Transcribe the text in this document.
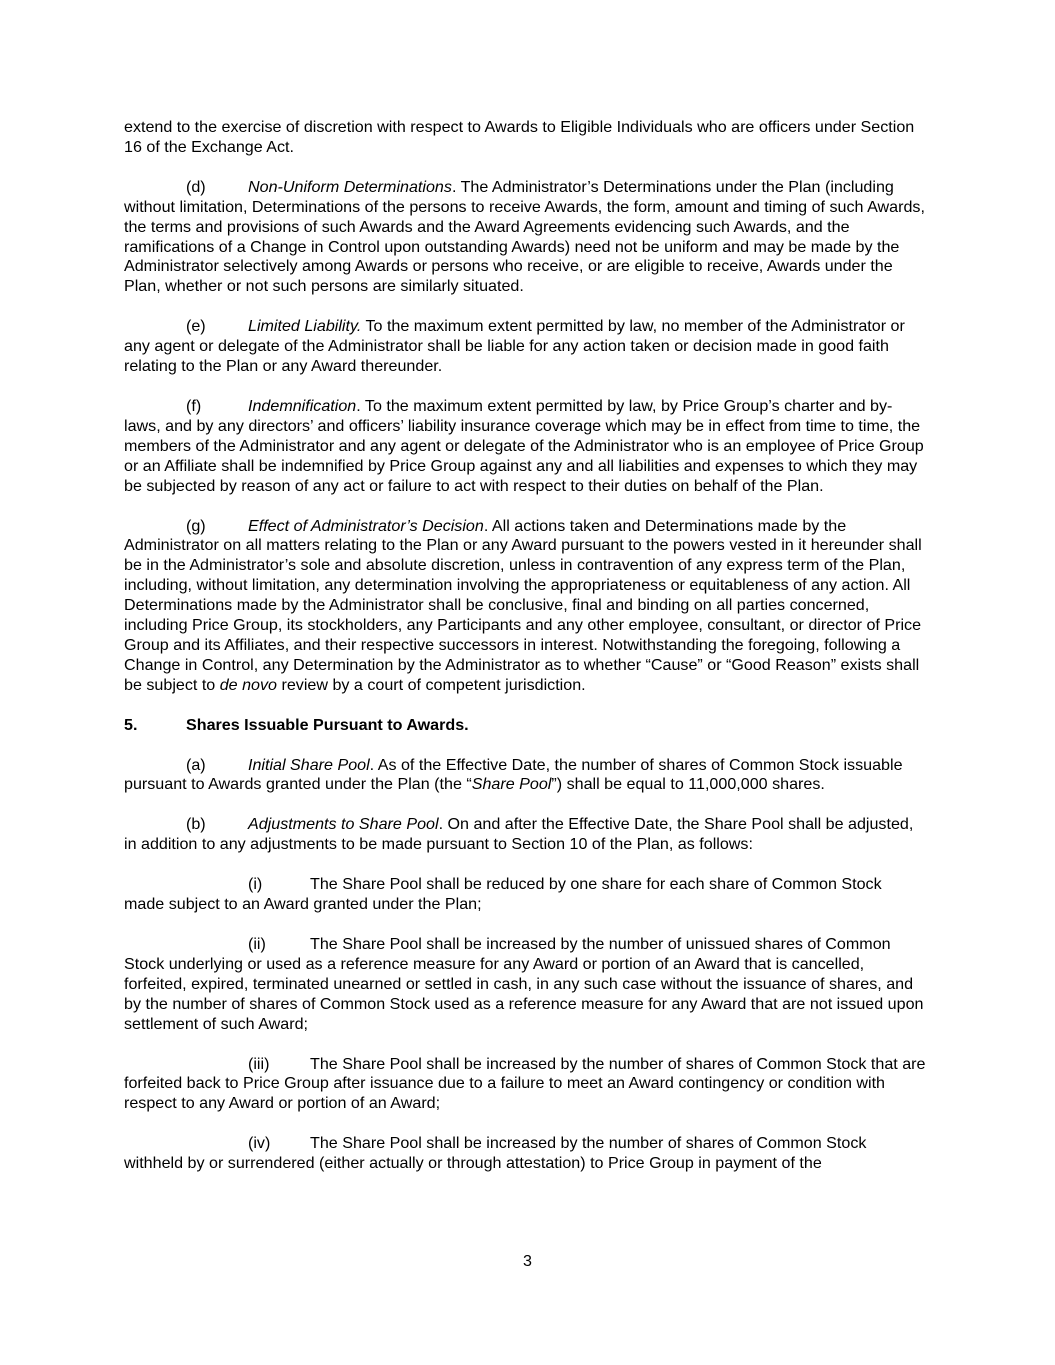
extend to the exercise of discretion with respect to Awards to Eligible Individuals who are officers under Section 16 of the Exchange Act.

(d)	Non-Uniform Determinations. The Administrator’s Determinations under the Plan (including without limitation, Determinations of the persons to receive Awards, the form, amount and timing of such Awards, the terms and provisions of such Awards and the Award Agreements evidencing such Awards, and the ramifications of a Change in Control upon outstanding Awards) need not be uniform and may be made by the Administrator selectively among Awards or persons who receive, or are eligible to receive, Awards under the Plan, whether or not such persons are similarly situated.

(e)	Limited Liability. To the maximum extent permitted by law, no member of the Administrator or any agent or delegate of the Administrator shall be liable for any action taken or decision made in good faith relating to the Plan or any Award thereunder.

(f)	Indemnification. To the maximum extent permitted by law, by Price Group’s charter and by-laws, and by any directors’ and officers’ liability insurance coverage which may be in effect from time to time, the members of the Administrator and any agent or delegate of the Administrator who is an employee of Price Group or an Affiliate shall be indemnified by Price Group against any and all liabilities and expenses to which they may be subjected by reason of any act or failure to act with respect to their duties on behalf of the Plan.

(g)	Effect of Administrator’s Decision. All actions taken and Determinations made by the Administrator on all matters relating to the Plan or any Award pursuant to the powers vested in it hereunder shall be in the Administrator’s sole and absolute discretion, unless in contravention of any express term of the Plan, including, without limitation, any determination involving the appropriateness or equitableness of any action. All Determinations made by the Administrator shall be conclusive, final and binding on all parties concerned, including Price Group, its stockholders, any Participants and any other employee, consultant, or director of Price Group and its Affiliates, and their respective successors in interest. Notwithstanding the foregoing, following a Change in Control, any Determination by the Administrator as to whether “Cause” or “Good Reason” exists shall be subject to de novo review by a court of competent jurisdiction.

5.	Shares Issuable Pursuant to Awards.

(a)	Initial Share Pool. As of the Effective Date, the number of shares of Common Stock issuable pursuant to Awards granted under the Plan (the “Share Pool”) shall be equal to 11,000,000 shares.

(b)	Adjustments to Share Pool. On and after the Effective Date, the Share Pool shall be adjusted, in addition to any adjustments to be made pursuant to Section 10 of the Plan, as follows:

(i)	The Share Pool shall be reduced by one share for each share of Common Stock made subject to an Award granted under the Plan;

(ii)	The Share Pool shall be increased by the number of unissued shares of Common Stock underlying or used as a reference measure for any Award or portion of an Award that is cancelled, forfeited, expired, terminated unearned or settled in cash, in any such case without the issuance of shares, and by the number of shares of Common Stock used as a reference measure for any Award that are not issued upon settlement of such Award;

(iii)	The Share Pool shall be increased by the number of shares of Common Stock that are forfeited back to Price Group after issuance due to a failure to meet an Award contingency or condition with respect to any Award or portion of an Award;

(iv) The Share Pool shall be increased by the number of shares of Common Stock withheld by or surrendered (either actually or through attestation) to Price Group in payment of the

3
